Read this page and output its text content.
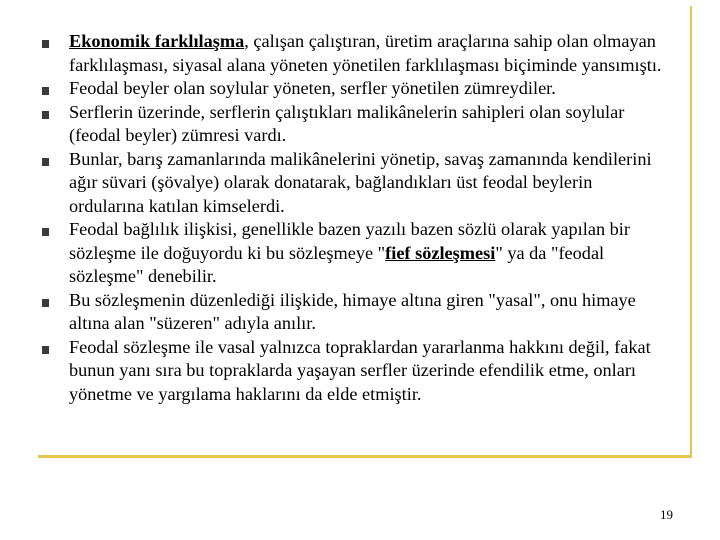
Ekonomik farklılaşma, çalışan çalıştıran, üretim araçlarına sahip olan olmayan farklılaşması, siyasal alana yöneten yönetilen farklılaşması biçiminde yansımıştı.
Feodal beyler olan soylular yöneten, serfler yönetilen zümreydiler.
Serflerin üzerinde, serflerin çalıştıkları malikânelerin sahipleri olan soylular (feodal beyler) zümresi vardı.
Bunlar, barış zamanlarında malikânelerini yönetip, savaş zamanında kendilerini ağır süvari (şövalye) olarak donatarak, bağlandıkları üst feodal beylerin ordularına katılan kimselerdi.
Feodal bağlılık ilişkisi, genellikle bazen yazılı bazen sözlü olarak yapılan bir sözleşme ile doğuyordu ki bu sözleşmeye "fief sözleşmesi" ya da "feodal sözleşme" denebilir.
Bu sözleşmenin düzenlediği ilişkide, himaye altına giren "yasal", onu himaye altına alan "süzeren" adıyla anılır.
Feodal sözleşme ile vasal yalnızca topraklardan yararlanma hakkını değil, fakat bunun yanı sıra bu topraklarda yaşayan serfler üzerinde efendilik etme, onları yönetme ve yargılama haklarını da elde etmiştir.
19
